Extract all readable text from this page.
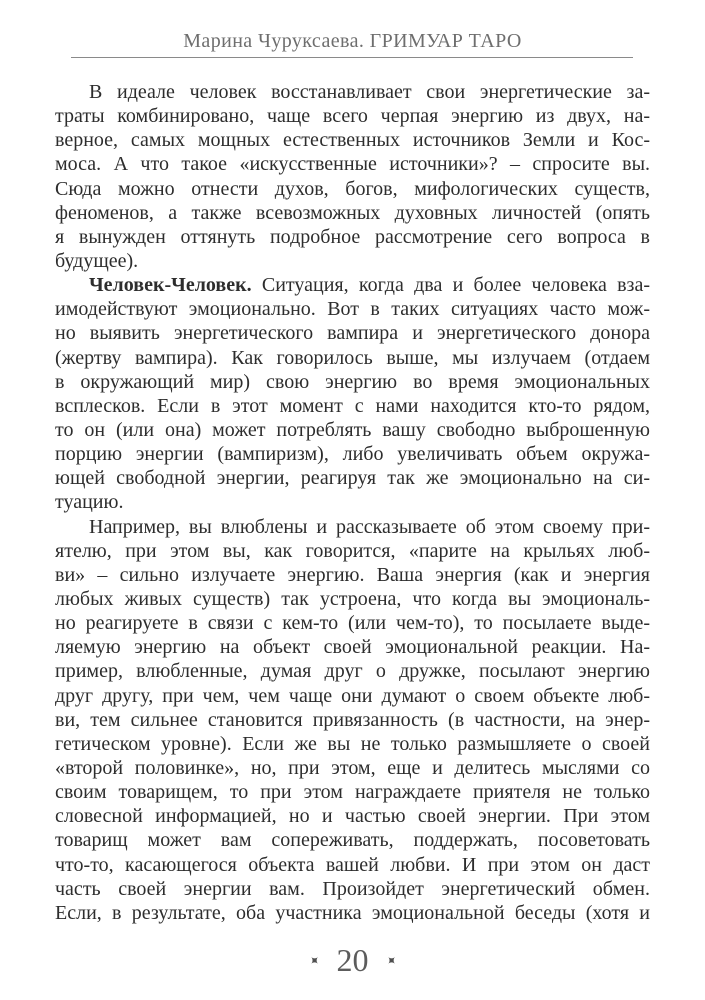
Марина Чуруксаева. ГРИМУАР ТАРО
В идеале человек восстанавливает свои энергетические за-
траты комбинировано, чаще всего черпая энергию из двух, на-
верное, самых мощных естественных источников Земли и Кос-
моса. А что такое «искусственные источники»? – спросите вы.
Сюда можно отнести духов, богов, мифологических существ,
феноменов, а также всевозможных духовных личностей (опять
я вынужден оттянуть подробное рассмотрение сего вопроса в
будущее).
Человек-Человек. Ситуация, когда два и более человека вза-
имодействуют эмоционально. Вот в таких ситуациях часто мож-
но выявить энергетического вампира и энергетического донора
(жертву вампира). Как говорилось выше, мы излучаем (отдаем
в окружающий мир) свою энергию во время эмоциональных
всплесков. Если в этот момент с нами находится кто-то рядом,
то он (или она) может потреблять вашу свободно выброшенную
порцию энергии (вампиризм), либо увеличивать объем окружа-
ющей свободной энергии, реагируя так же эмоционально на си-
туацию.
Например, вы влюблены и рассказываете об этом своему при-
ятелю, при этом вы, как говорится, «парите на крыльях люб-
ви» – сильно излучаете энергию. Ваша энергия (как и энергия
любых живых существ) так устроена, что когда вы эмоциональ-
но реагируете в связи с кем-то (или чем-то), то посылаете выде-
ляемую энергию на объект своей эмоциональной реакции. На-
пример, влюбленные, думая друг о дружке, посылают энергию
друг другу, при чем, чем чаще они думают о своем объекте люб-
ви, тем сильнее становится привязанность (в частности, на энер-
гетическом уровне). Если же вы не только размышляете о своей
«второй половинке», но, при этом, еще и делитесь мыслями со
своим товарищем, то при этом награждаете приятеля не только
словесной информацией, но и частью своей энергии. При этом
товарищ может вам сопереживать, поддержать, посоветовать
что-то, касающегося объекта вашей любви. И при этом он даст
часть своей энергии вам. Произойдет энергетический обмен.
Если, в результате, оба участника эмоциональной беседы (хотя и
✦ 20 ✦
